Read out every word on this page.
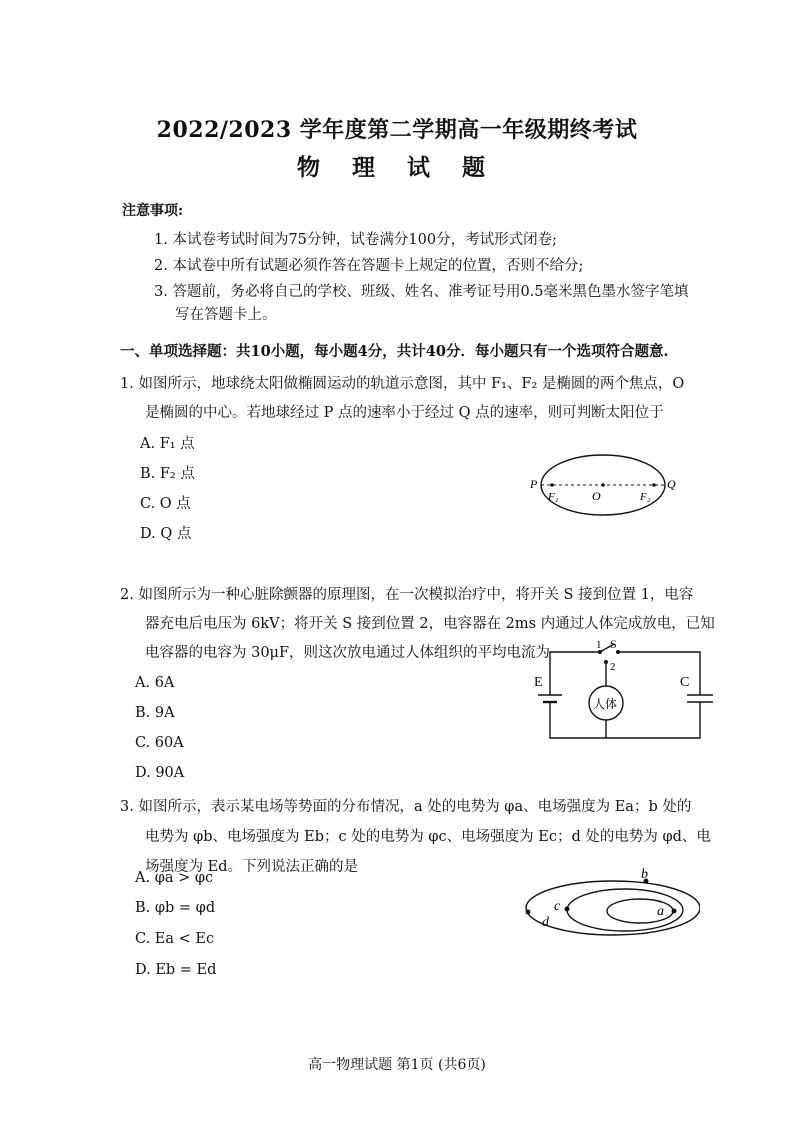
2022/2023 学年度第二学期高一年级期终考试
物 理 试 题
注意事项:
1. 本试卷考试时间为75分钟，试卷满分100分，考试形式闭卷;
2. 本试卷中所有试题必须作答在答题卡上规定的位置，否则不给分;
3. 答题前，务必将自己的学校、班级、姓名、准考证号用0.5毫米黑色墨水签字笔填
写在答题卡上。
一、单项选择题：共10小题，每小题4分，共计40分．每小题只有一个选项符合题意.
1. 如图所示，地球绕太阳做椭圆运动的轨道示意图，其中 F₁、F₂ 是椭圆的两个焦点，O
是椭圆的中心。若地球经过 P 点的速率小于经过 Q 点的速率，则可判断太阳位于
A. F₁ 点
B. F₂ 点
C. O 点
D. Q 点
P	Q
O
F₁	F₂
2. 如图所示为一种心脏除颤器的原理图，在一次模拟治疗中，将开关 S 接到位置 1，电容
器充电后电压为 6kV；将开关 S 接到位置 2，电容器在 2ms 内通过人体完成放电，已知
电容器的电容为 30μF，则这次放电通过人体组织的平均电流为
A. 6A
B. 9A
C. 60A
D. 90A
1 S
2
E	C
人体
3. 如图所示，表示某电场等势面的分布情况，a 处的电势为 φa、电场强度为 Ea；b 处的
电势为 φb、电场强度为 Eb；c 处的电势为 φc、电场强度为 Ec；d 处的电势为 φd、电
场强度为 Ed。下列说法正确的是
A. φa > φc
B. φb = φd
C. Ea < Ec
D. Eb = Ed
b
c	a
d
高一物理试题 第1页 (共6页)
